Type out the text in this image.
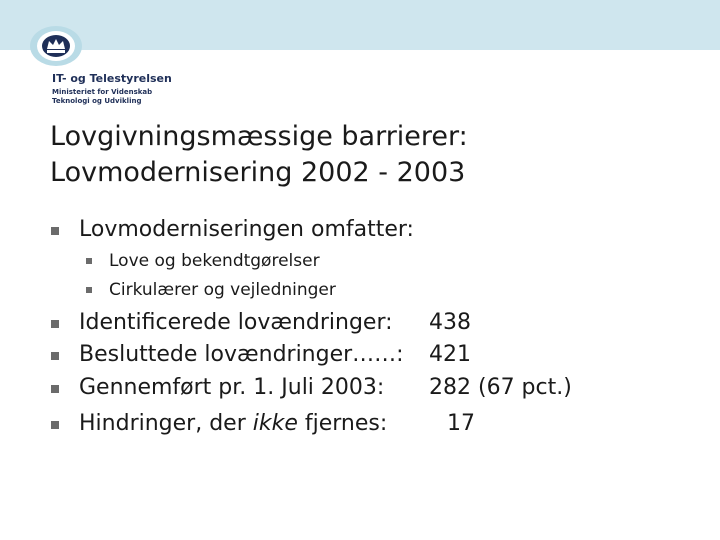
IT- og Telestyrelsen
Ministeriet for Videnskab
Teknologi og Udvikling
Lovgivningsmæssige barrierer:
Lovmodernisering 2002 - 2003
Lovmoderniseringen omfatter:
Love og bekendtgørelser
Cirkulærer og vejledninger
Identificerede lovændringer: 438
Besluttede lovændringer……: 421
Gennemført pr. 1. Juli 2003: 282 (67 pct.)
Hindringer, der ikke fjernes:	17
